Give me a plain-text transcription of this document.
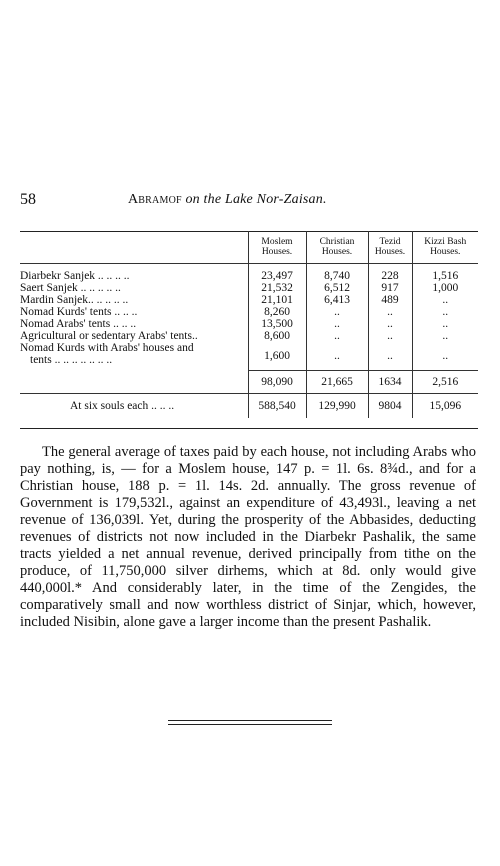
58	Abramof on the Lake Nor-Zaisan.
	Moslem Houses.	Christian Houses.	Tezid Houses.	Kizzi Bash Houses.
Diarbekr Sanjek .. .. .. ..	23,497	8,740	228	1,516
Saert Sanjek .. .. .. .. ..	21,532	6,512	917	1,000
Mardin Sanjek.. .. .. .. ..	21,101	6,413	489	..
Nomad Kurds' tents .. .. ..	8,260	..	..	..
Nomad Arabs' tents .. .. ..	13,500	..	..	..
Agricultural or sedentary Arabs' tents..	8,600	..	..	..

Nomad Kurds with Arabs' houses and
tents .. .. .. .. .. .. ..	1,600	..	..	..
	98,090	21,665	1634	2,516
At six souls each .. .. ..	588,540	129,990	9804	15,096

The general average of taxes paid by each house, not including Arabs who pay nothing, is, — for a Moslem house, 147 p. = 1l. 6s. 8¾d., and for a Christian house, 188 p. = 1l. 14s. 2d. annually. The gross revenue of Government is 179,532l., against an expenditure of 43,493l., leaving a net revenue of 136,039l. Yet, during the prosperity of the Abbasides, deducting revenues of districts not now included in the Diarbekr Pashalik, the same tracts yielded a net annual revenue, derived principally from tithe on the produce, of 11,750,000 silver dirhems, which at 8d. only would give 440,000l.* And considerably later, in the time of the Zengides, the comparatively small and now worthless district of Sinjar, which, however, included Nisibin, alone gave a larger income than the present Pashalik.
